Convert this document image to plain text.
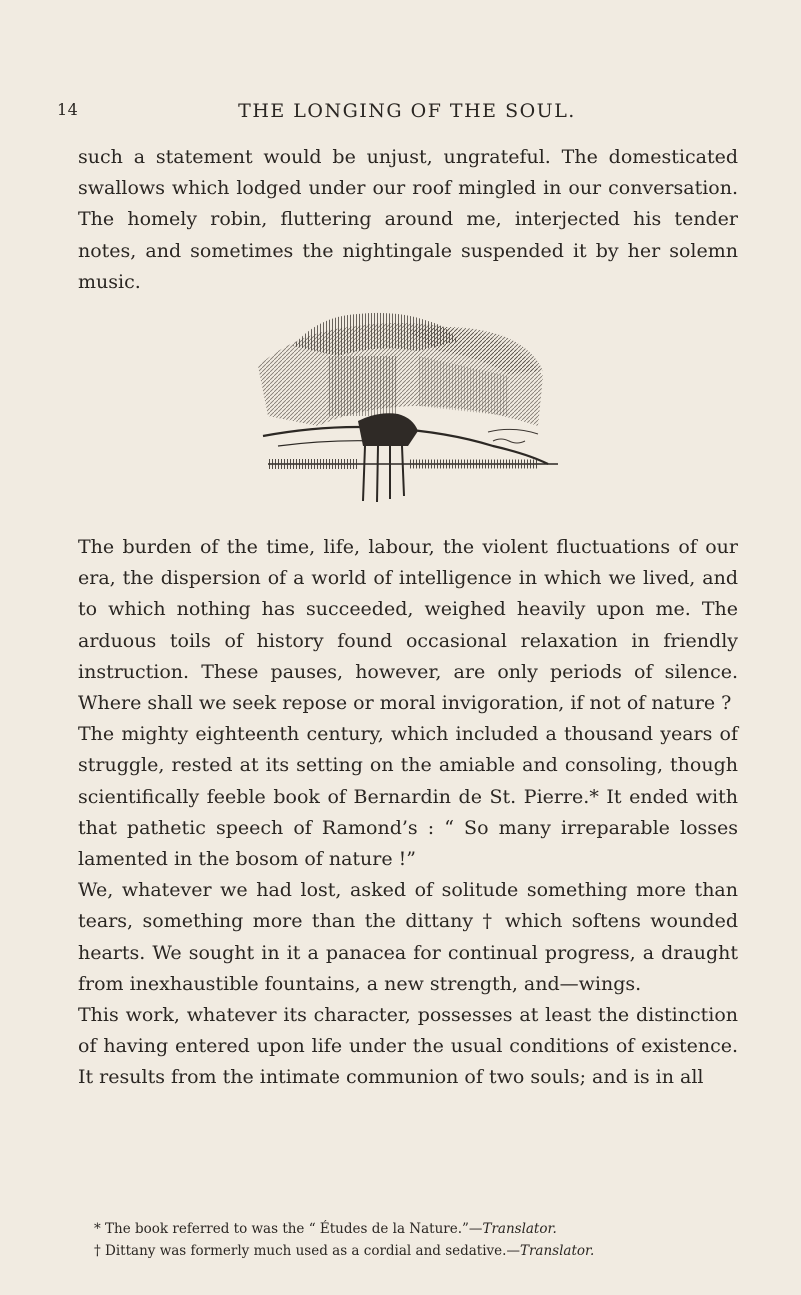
14	THE LONGING OF THE SOUL.

such a statement would be unjust, ungrateful. The domesticated swallows which lodged under our roof mingled in our conversation. The homely robin, fluttering around me, interjected his tender notes, and sometimes the nightingale suspended it by her solemn music.

The burden of the time, life, labour, the violent fluctuations of our era, the dispersion of a world of intelligence in which we lived, and to which nothing has succeeded, weighed heavily upon me. The arduous toils of history found occasional relaxation in friendly instruction. These pauses, however, are only periods of silence. Where shall we seek repose or moral invigoration, if not of nature ?

The mighty eighteenth century, which included a thousand years of struggle, rested at its setting on the amiable and consoling, though scientifically feeble book of Bernardin de St. Pierre.* It ended with that pathetic speech of Ramond’s : “ So many irreparable losses lamented in the bosom of nature !”

We, whatever we had lost, asked of solitude something more than tears, something more than the dittany † which softens wounded hearts. We sought in it a panacea for continual progress, a draught from inexhaustible fountains, a new strength, and—wings.

This work, whatever its character, possesses at least the distinction of having entered upon life under the usual conditions of existence. It results from the intimate communion of two souls; and is in all

* The book referred to was the “ Études de la Nature.”—Translator.

† Dittany was formerly much used as a cordial and sedative.—Translator.
